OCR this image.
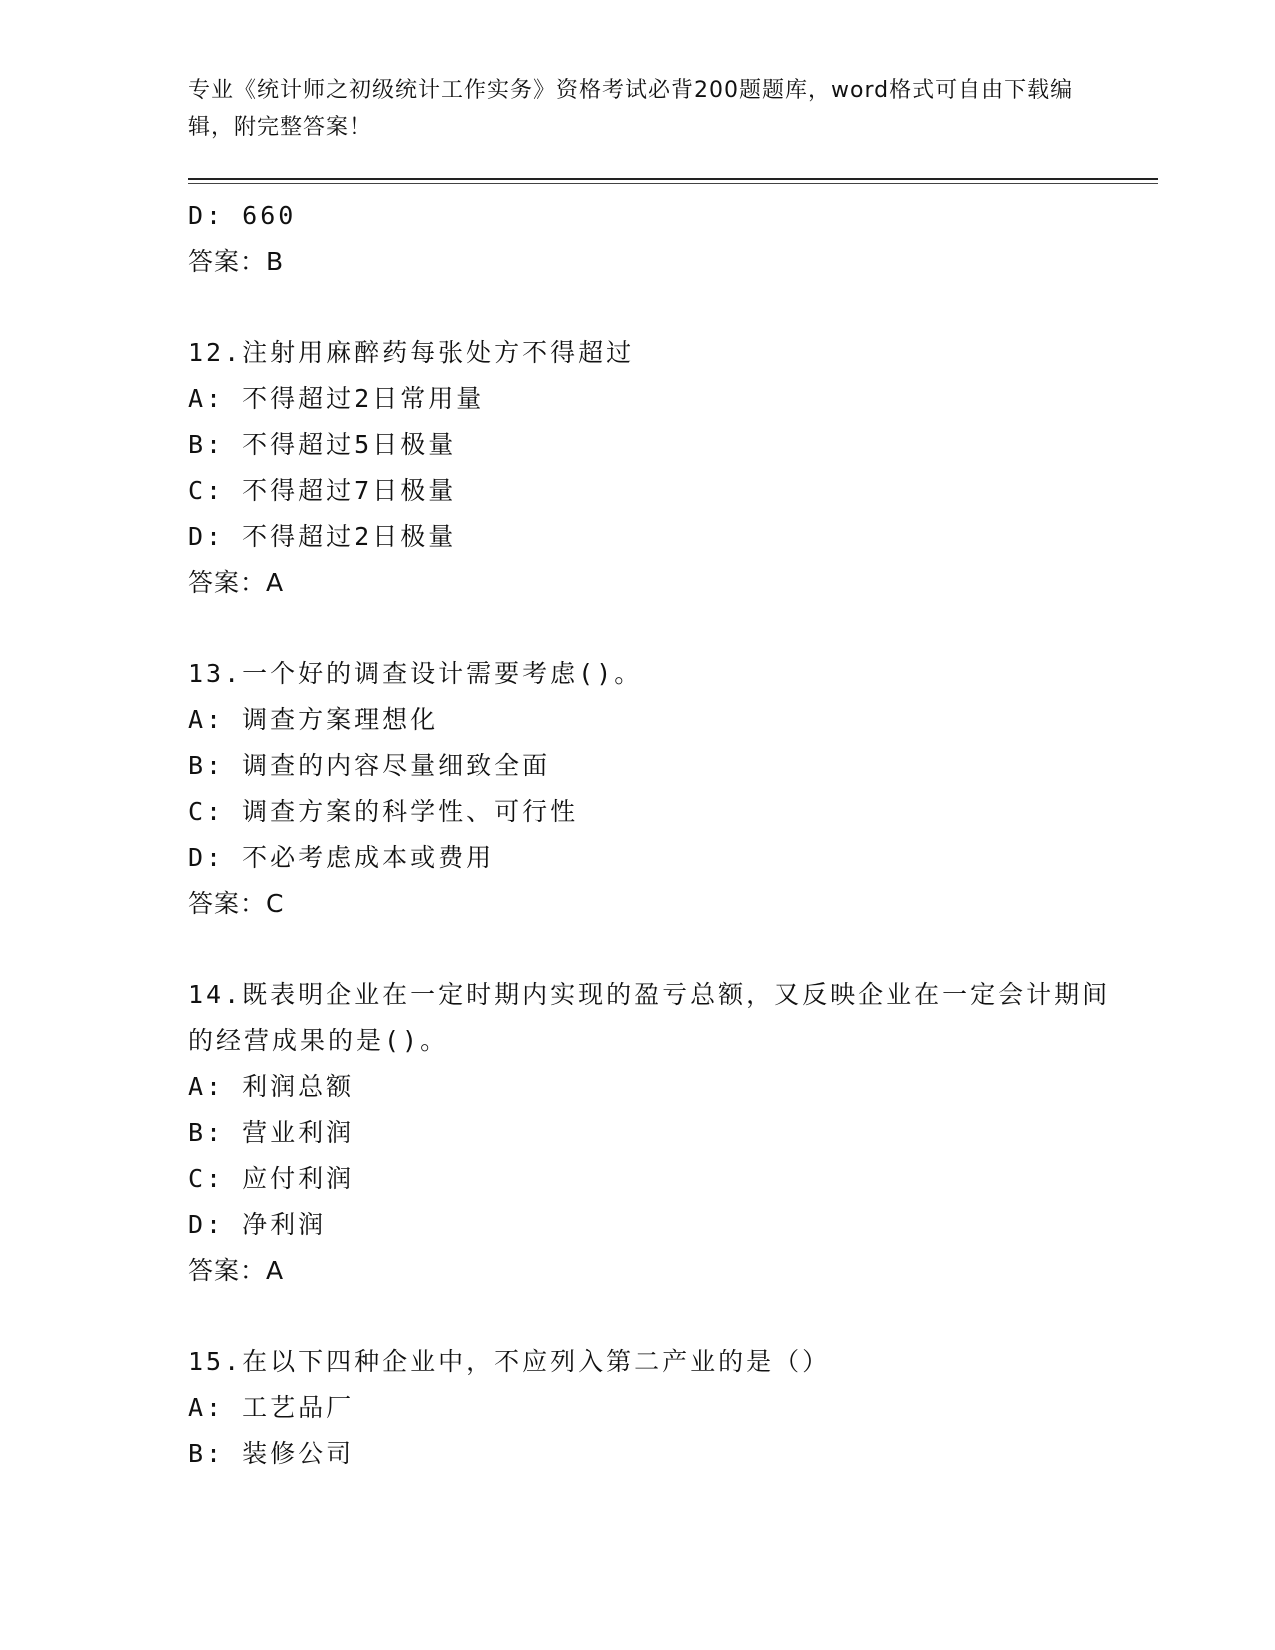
专业《统计师之初级统计工作实务》资格考试必背200题题库，word格式可自由下载编辑，附完整答案！
D: 660
答案：B
12.注射用麻醉药每张处方不得超过
A: 不得超过2日常用量
B: 不得超过5日极量
C: 不得超过7日极量
D: 不得超过2日极量
答案：A
13.一个好的调查设计需要考虑()。
A: 调查方案理想化
B: 调查的内容尽量细致全面
C: 调查方案的科学性、可行性
D: 不必考虑成本或费用
答案：C
14.既表明企业在一定时期内实现的盈亏总额，又反映企业在一定会计期间的经营成果的是()。
A: 利润总额
B: 营业利润
C: 应付利润
D: 净利润
答案：A
15.在以下四种企业中，不应列入第二产业的是（）
A: 工艺品厂
B: 装修公司
